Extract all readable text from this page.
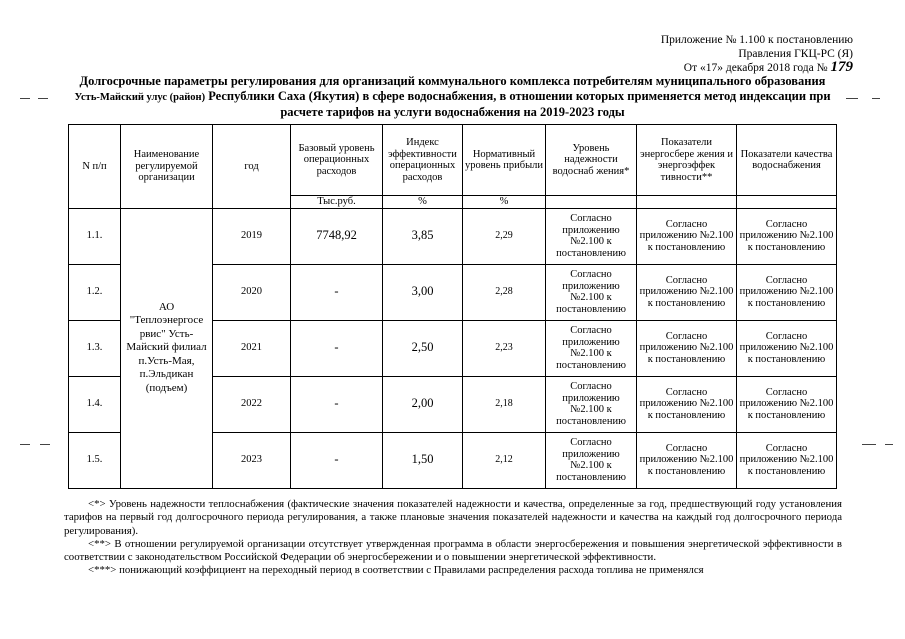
Приложение № 1.100 к постановлению
Правления ГКЦ-РС (Я)
От «17» декабря 2018 года № 179
Долгосрочные параметры регулирования для организаций коммунального комплекса потребителям муниципального образования Усть-Майский улус (район) Республики Саха (Якутия) в сфере водоснабжения, в отношении которых применяется метод индексации при расчете тарифов на услуги водоснабжения на 2019-2023 годы
N п/п	Наименование регулируемой организации	год	Базовый уровень операционных расходов	Индекс эффективности операционных расходов	Нормативный уровень прибыли	Уровень надежности водоснаб жения*	Показатели энергосбере жения и энергоэффек тивности**	Показатели качества водоснабжения
			Тыс.руб.	%	%			
1.1.	АО "Теплоэнергосе рвис" Усть-Майский филиал п.Усть-Мая, п.Эльдикан (подъем)	2019	7748,92	3,85	2,29	Согласно приложению №2.100 к постановлению	Согласно приложению №2.100 к постановлению	Согласно приложению №2.100 к постановлению
1.2.		2020	-	3,00	2,28	Согласно приложению №2.100 к постановлению	Согласно приложению №2.100 к постановлению	Согласно приложению №2.100 к постановлению
1.3.		2021	-	2,50	2,23	Согласно приложению №2.100 к постановлению	Согласно приложению №2.100 к постановлению	Согласно приложению №2.100 к постановлению
1.4.		2022	-	2,00	2,18	Согласно приложению №2.100 к постановлению	Согласно приложению №2.100 к постановлению	Согласно приложению №2.100 к постановлению
1.5.		2023	-	1,50	2,12	Согласно приложению №2.100 к постановлению	Согласно приложению №2.100 к постановлению	Согласно приложению №2.100 к постановлению

<*> Уровень надежности теплоснабжения (фактические значения показателей надежности и качества, определенные за год, предшествующий году установления тарифов на первый год долгосрочного периода регулирования, а также плановые значения показателей надежности и качества на каждый год долгосрочного периода регулирования).

<**> В отношении регулируемой организации отсутствует утвержденная программа в области энергосбережения и повышения энергетической эффективности в соответствии с законодательством Российской Федерации об энергосбережении и о повышении энергетической эффективности.

<***> понижающий коэффициент на переходный период в соответствии с Правилами распределения расхода топлива не применялся
